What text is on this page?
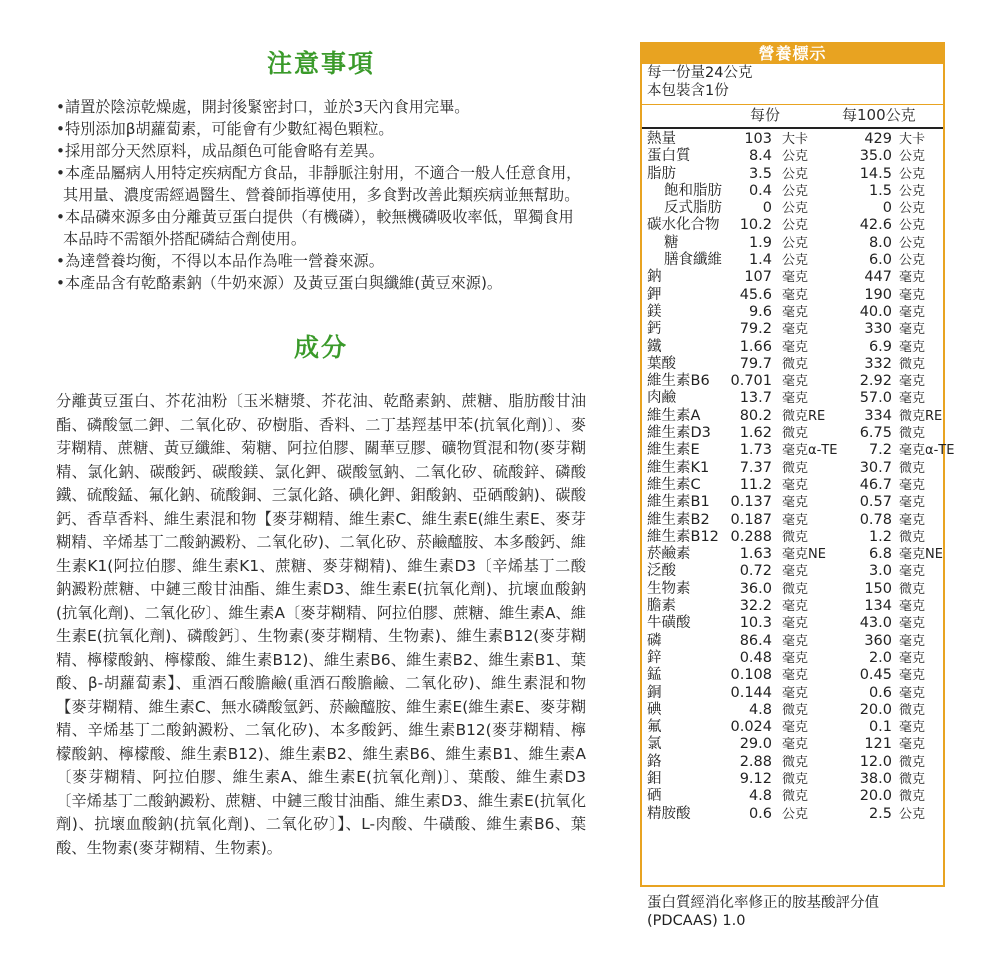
注意事項
•請置於陰涼乾燥處，開封後緊密封口，並於3天內食用完畢。
•特別添加β胡蘿蔔素，可能會有少數紅褐色顆粒。
•採用部分天然原料，成品顏色可能會略有差異。
•本產品屬病人用特定疾病配方食品，非靜脈注射用，不適合一般人任意食用，其用量、濃度需經過醫生、營養師指導使用，多食對改善此類疾病並無幫助。
•本品磷來源多由分離黃豆蛋白提供（有機磷），較無機磷吸收率低，單獨食用本品時不需額外搭配磷結合劑使用。
•為達營養均衡，不得以本品作為唯一營養來源。
•本產品含有乾酪素鈉（牛奶來源）及黃豆蛋白與纖維(黃豆來源)。
成分
分離黃豆蛋白、芥花油粉〔玉米糖漿、芥花油、乾酪素鈉、蔗糖、脂肪酸甘油酯、磷酸氫二鉀、二氧化矽、矽樹脂、香料、二丁基羥基甲苯(抗氧化劑)〕、麥芽糊精、蔗糖、黃豆纖維、菊糖、阿拉伯膠、關華豆膠、礦物質混和物(麥芽糊精、氯化鈉、碳酸鈣、碳酸鎂、氯化鉀、碳酸氫鈉、二氧化矽、硫酸鋅、磷酸鐵、硫酸錳、氟化鈉、硫酸銅、三氯化鉻、碘化鉀、鉬酸鈉、亞硒酸鈉)、碳酸鈣、香草香料、維生素混和物【麥芽糊精、維生素C、維生素E(維生素E、麥芽糊精、辛烯基丁二酸鈉澱粉、二氧化矽)、二氧化矽、菸鹼醯胺、本多酸鈣、維生素K1(阿拉伯膠、維生素K1、蔗糖、麥芽糊精)、維生素D3〔辛烯基丁二酸鈉澱粉蔗糖、中鏈三酸甘油酯、維生素D3、維生素E(抗氧化劑)、抗壞血酸鈉(抗氧化劑)、二氧化矽〕、維生素A〔麥芽糊精、阿拉伯膠、蔗糖、維生素A、維生素E(抗氧化劑)、磷酸鈣〕、生物素(麥芽糊精、生物素)、維生素B12(麥芽糊精、檸檬酸鈉、檸檬酸、維生素B12)、維生素B6、維生素B2、維生素B1、葉酸、β-胡蘿蔔素】、重酒石酸膽鹼(重酒石酸膽鹼、二氧化矽)、維生素混和物【麥芽糊精、維生素C、無水磷酸氫鈣、菸鹼醯胺、維生素E(維生素E、麥芽糊精、辛烯基丁二酸鈉澱粉、二氧化矽)、本多酸鈣、維生素B12(麥芽糊精、檸檬酸鈉、檸檬酸、維生素B12)、維生素B2、維生素B6、維生素B1、維生素A〔麥芽糊精、阿拉伯膠、維生素A、維生素E(抗氧化劑)〕、葉酸、維生素D3〔辛烯基丁二酸鈉澱粉、蔗糖、中鏈三酸甘油酯、維生素D3、維生素E(抗氧化劑)、抗壞血酸鈉(抗氧化劑)、二氧化矽〕】、L-肉酸、牛磺酸、維生素B6、葉酸、生物素(麥芽糊精、生物素)。
營養標示
每一份量24公克
本包裝含1份
每份	每100公克
熱量	103 大卡	429 大卡
蛋白質	8.4 公克	35.0 公克
脂肪	3.5 公克	14.5 公克
飽和脂肪	0.4 公克	1.5 公克
反式脂肪	0 公克	0 公克
碳水化合物	10.2 公克	42.6 公克
糖	1.9 公克	8.0 公克
膳食纖維	1.4 公克	6.0 公克
鈉	107 毫克	447 毫克
鉀	45.6 毫克	190 毫克
鎂	9.6 毫克	40.0 毫克
鈣	79.2 毫克	330 毫克
鐵	1.66 毫克	6.9 毫克
葉酸	79.7 微克	332 微克
維生素B6 0.701 毫克	2.92 毫克
肉鹼	13.7 毫克	57.0 毫克
維生素A	80.2 微克RE	334 微克RE
維生素D3	1.62 微克	6.75 微克
維生素E	1.73 毫克α-TE	7.2 毫克α-TE
維生素K1	7.37 微克	30.7 微克
維生素C	11.2 毫克	46.7 毫克
維生素B1 0.137 毫克	0.57 毫克
維生素B2 0.187 毫克	0.78 毫克
維生素B12 0.288 微克	1.2 微克
菸鹼素	1.63 毫克NE	6.8 毫克NE
泛酸	0.72 毫克	3.0 毫克
生物素	36.0 微克	150 微克
膽素	32.2 毫克	134 毫克
牛磺酸	10.3 毫克	43.0 毫克
磷	86.4 毫克	360 毫克
鋅	0.48 毫克	2.0 毫克
錳	0.108 毫克	0.45 毫克
銅	0.144 毫克	0.6 毫克
碘	4.8 微克	20.0 微克
氟	0.024 毫克	0.1 毫克
氯	29.0 毫克	121 毫克
鉻	2.88 微克	12.0 微克
鉬	9.12 微克	38.0 微克
硒	4.8 微克	20.0 微克
精胺酸	0.6 公克	2.5 公克
蛋白質經消化率修正的胺基酸評分值
(PDCAAS) 1.0
